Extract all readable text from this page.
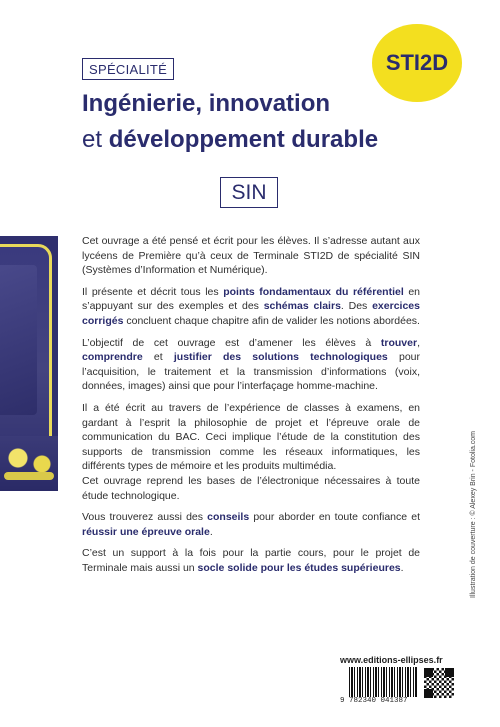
STI2D
SPÉCIALITÉ
Ingénierie, innovation
et développement durable
SIN

Cet ouvrage a été pensé et écrit pour les élèves. Il s’adresse autant aux lycéens de Première qu’à ceux de Terminale STI2D de spécialité SIN (Systèmes d’Information et Numérique).

Il présente et décrit tous les points fondamentaux du référentiel en s’appuyant sur des exemples et des schémas clairs. Des exercices corrigés concluent chaque chapitre afin de valider les notions abordées.

L’objectif de cet ouvrage est d’amener les élèves à trouver, comprendre et justifier des solutions technologiques pour l’acquisition, le traitement et la transmission d’informations (voix, données, images) ainsi que pour l’interfaçage homme-machine.

Il a été écrit au travers de l’expérience de classes à examens, en gardant à l’esprit la philosophie de projet et l’épreuve orale de communication du BAC. Ceci implique l’étude de la constitution des supports de transmission comme les réseaux informatiques, les différents types de mémoire et les produits multimédia.

Cet ouvrage reprend les bases de l’électronique nécessaires à toute étude technologique.

Vous trouverez aussi des conseils pour aborder en toute confiance et réussir une épreuve orale.

C’est un support à la fois pour la partie cours, pour le projet de Terminale mais aussi un socle solide pour les études supérieures.	Illustration de couverture : © Alexey Brin - Fotolia.com
www.editions-ellipses.fr
9 782340 041387
